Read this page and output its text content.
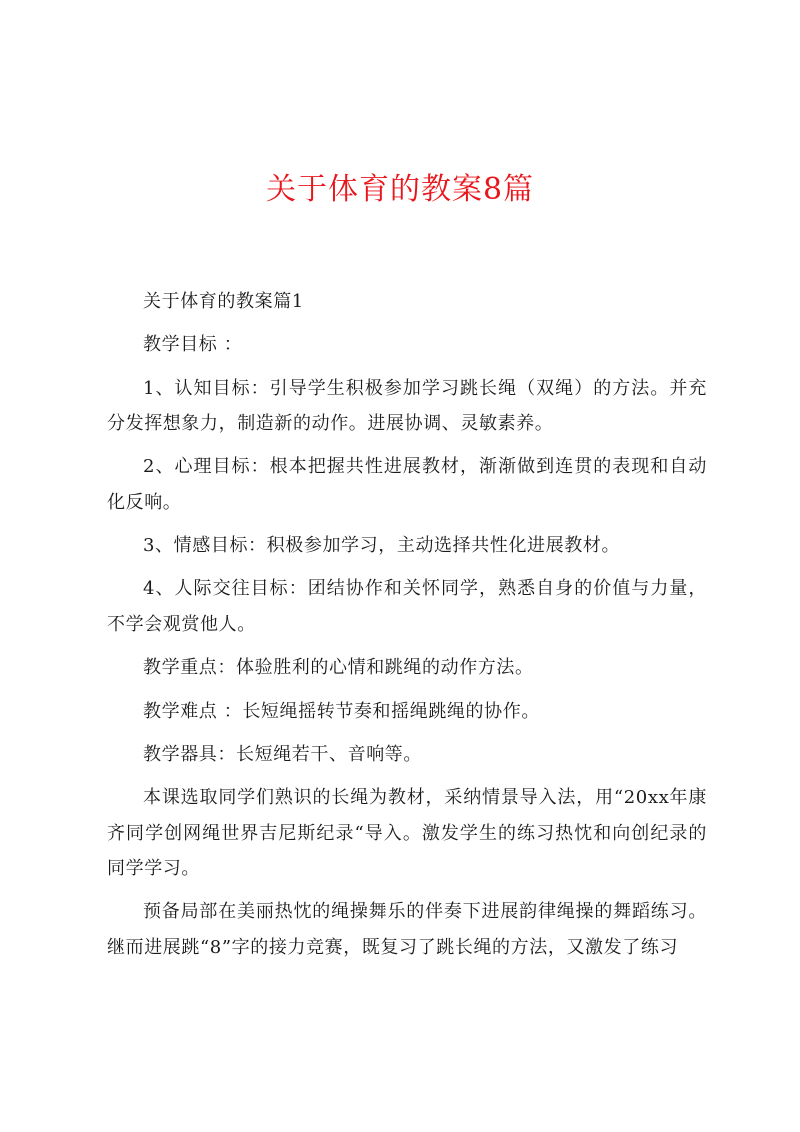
关于体育的教案8篇

关于体育的教案篇1

教学目标 ：

1、认知目标：引导学生积极参加学习跳长绳（双绳）的方法。并充分发挥想象力，制造新的动作。进展协调、灵敏素养。

2、心理目标：根本把握共性进展教材，渐渐做到连贯的表现和自动化反响。

3、情感目标：积极参加学习，主动选择共性化进展教材。

4、人际交往目标：团结协作和关怀同学，熟悉自身的价值与力量，不学会观赏他人。

教学重点：体验胜利的心情和跳绳的动作方法。

教学难点 ：长短绳摇转节奏和摇绳跳绳的协作。

教学器具：长短绳若干、音响等。

本课选取同学们熟识的长绳为教材，采纳情景导入法，用“20xx年康齐同学创网绳世界吉尼斯纪录“导入。激发学生的练习热忱和向创纪录的同学学习。

预备局部在美丽热忱的绳操舞乐的伴奏下进展韵律绳操的舞蹈练习。继而进展跳“8”字的接力竞赛，既复习了跳长绳的方法，又激发了练习
